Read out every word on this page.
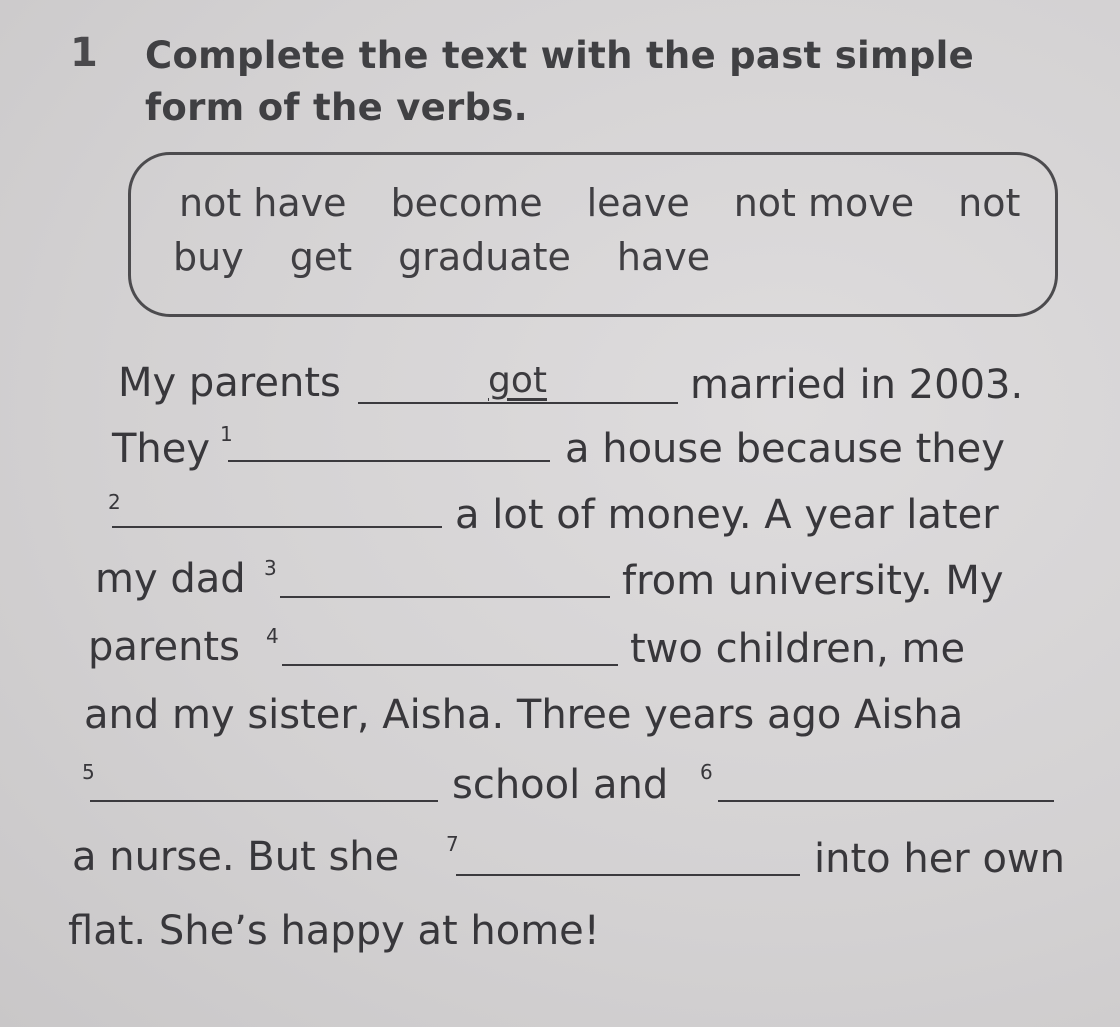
1 Complete the text with the past simple form of the verbs.
not have become leave not move not
buy get graduate have
My parents	got	married in 2003.
They 1	a house because they
2	a lot of money. A year later
my dad 3	from university. My
parents 4	two children, me
and my sister, Aisha. Three years ago Aisha
5	school and 6
a nurse. But she 7	into her own
flat. She’s happy at home!
